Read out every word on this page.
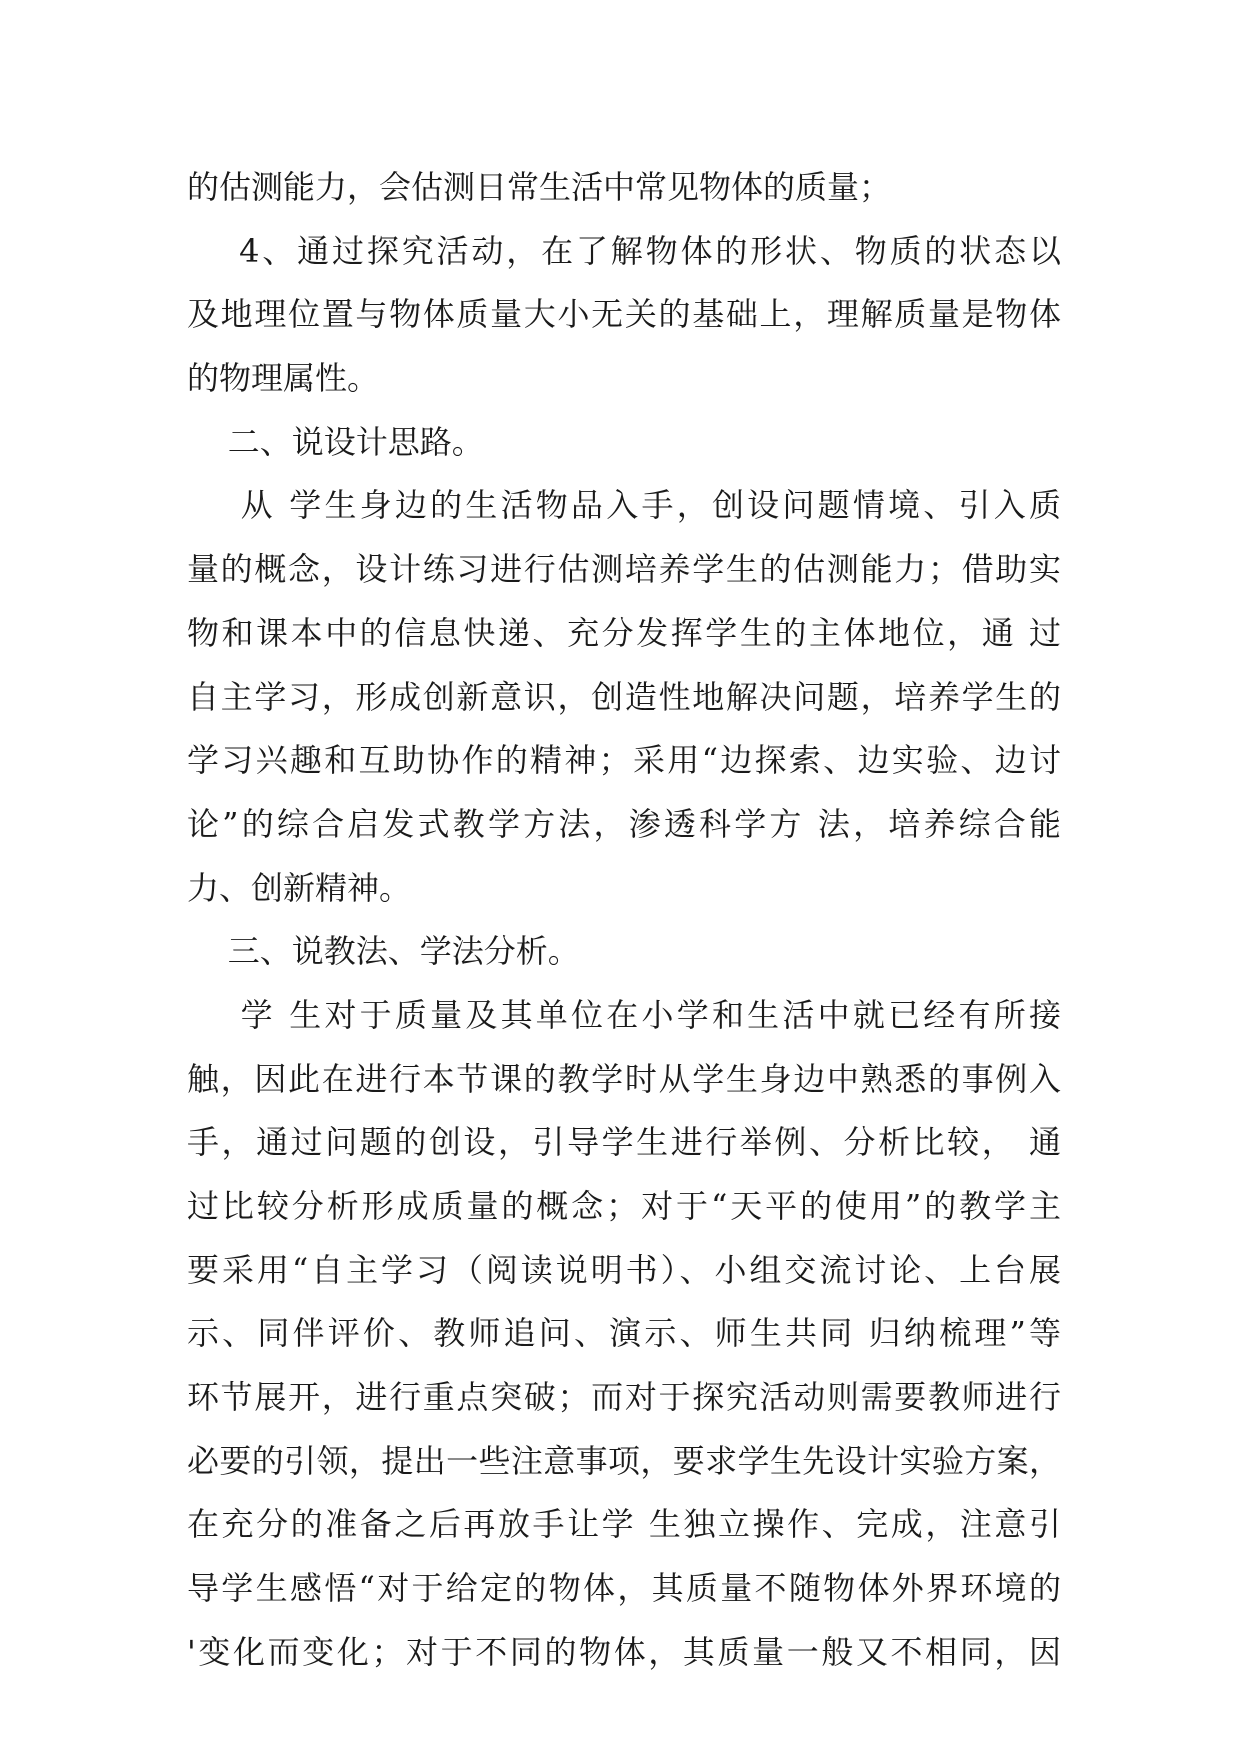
的估测能力，会估测日常生活中常见物体的质量；
4、通过探究活动，在了解物体的形状、物质的状态以
及地理位置与物体质量大小无关的基础上，理解质量是物体
的物理属性。
二、说设计思路。
从 学生身边的生活物品入手，创设问题情境、引入质
量的概念，设计练习进行估测培养学生的估测能力；借助实
物和课本中的信息快递、充分发挥学生的主体地位，通 过
自主学习，形成创新意识，创造性地解决问题，培养学生的
学习兴趣和互助协作的精神；采用“边探索、边实验、边讨
论”的综合启发式教学方法，渗透科学方 法，培养综合能
力、创新精神。
三、说教法、学法分析。
学 生对于质量及其单位在小学和生活中就已经有所接
触，因此在进行本节课的教学时从学生身边中熟悉的事例入
手，通过问题的创设，引导学生进行举例、分析比较， 通
过比较分析形成质量的概念；对于“天平的使用”的教学主
要采用“自主学习（阅读说明书）、小组交流讨论、上台展
示、同伴评价、教师追问、演示、师生共同 归纳梳理”等
环节展开，进行重点突破；而对于探究活动则需要教师进行
必要的引领，提出一些注意事项，要求学生先设计实验方案，
在充分的准备之后再放手让学 生独立操作、完成，注意引
导学生感悟“对于给定的物体，其质量不随物体外界环境的
'变化而变化；对于不同的物体，其质量一般又不相同，因
